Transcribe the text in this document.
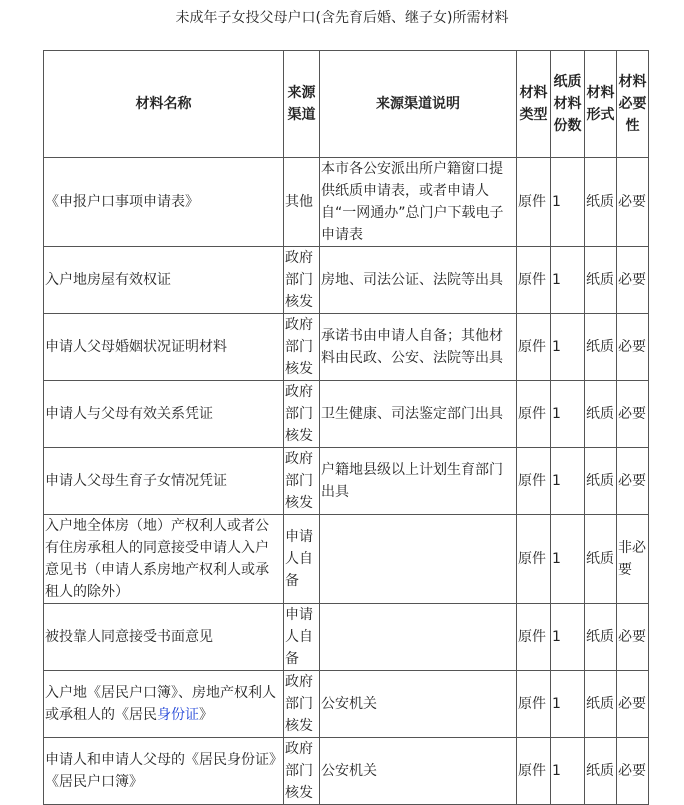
未成年子女投父母户口(含先育后婚、继子女)所需材料
材料名称	来源渠道	来源渠道说明	材料类型	纸质材料份数	材料形式	材料必要性
《申报户口事项申请表》	其他	本市各公安派出所户籍窗口提供纸质申请表，或者申请人自“一网通办”总门户下载电子申请表	原件	1	纸质	必要
入户地房屋有效权证	政府部门核发	房地、司法公证、法院等出具	原件	1	纸质	必要
申请人父母婚姻状况证明材料	政府部门核发	承诺书由申请人自备；其他材料由民政、公安、法院等出具	原件	1	纸质	必要
申请人与父母有效关系凭证	政府部门核发	卫生健康、司法鉴定部门出具	原件	1	纸质	必要
申请人父母生育子女情况凭证	政府部门核发	户籍地县级以上计划生育部门出具	原件	1	纸质	必要
入户地全体房（地）产权利人或者公有住房承租人的同意接受申请人入户意见书（申请人系房地产权利人或承租人的除外）	申请人自备		原件	1	纸质	非必要
被投靠人同意接受书面意见	申请人自备		原件	1	纸质	必要
入户地《居民户口簿》、房地产权利人或承租人的《居民身份证》	政府部门核发	公安机关	原件	1	纸质	必要
申请人和申请人父母的《居民身份证》《居民户口簿》	政府部门核发	公安机关	原件	1	纸质	必要
